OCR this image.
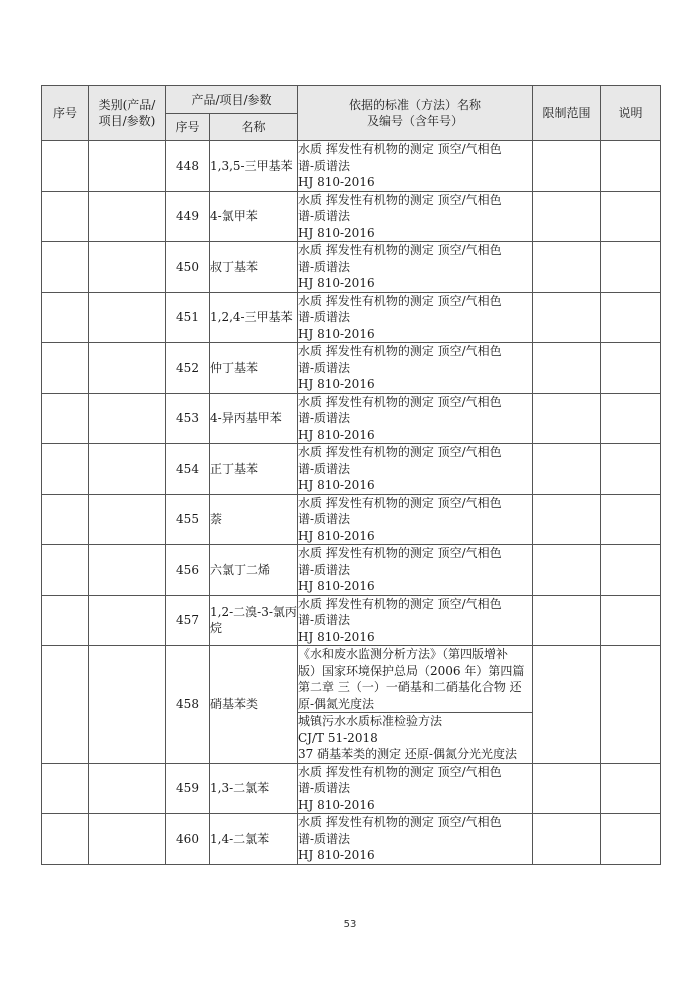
序号	类别(产品/
项目/参数)	产品/项目/参数		依据的标准（方法）名称
及编号（含年号）	限制范围	说明
		序号	名称			
		448	1,3,5-三甲基苯	水质 挥发性有机物的测定 顶空/气相色
谱-质谱法
HJ 810-2016		

		449	4-氯甲苯	水质 挥发性有机物的测定 顶空/气相色
谱-质谱法
HJ 810-2016		

		450	叔丁基苯	水质 挥发性有机物的测定 顶空/气相色
谱-质谱法
HJ 810-2016		

		451	1,2,4-三甲基苯	水质 挥发性有机物的测定 顶空/气相色
谱-质谱法
HJ 810-2016		

		452	仲丁基苯	水质 挥发性有机物的测定 顶空/气相色
谱-质谱法
HJ 810-2016		

		453	4-异丙基甲苯	水质 挥发性有机物的测定 顶空/气相色
谱-质谱法
HJ 810-2016		

		454	正丁基苯	水质 挥发性有机物的测定 顶空/气相色
谱-质谱法
HJ 810-2016		

		455	萘	水质 挥发性有机物的测定 顶空/气相色
谱-质谱法
HJ 810-2016		

		456	六氯丁二烯	水质 挥发性有机物的测定 顶空/气相色
谱-质谱法
HJ 810-2016		

		457	1,2-二溴-3-氯丙烷	水质 挥发性有机物的测定 顶空/气相色
谱-质谱法
HJ 810-2016		

		458	硝基苯类	《水和废水监测分析方法》（第四版增补
版）国家环境保护总局（2006 年）第四篇
第二章 三（一）一硝基和二硝基化合物 还
原-偶氮光度法		

				城镇污水水质标准检验方法
CJ/T 51-2018
37 硝基苯类的测定 还原-偶氮分光光度法		

		459	1,3-二氯苯	水质 挥发性有机物的测定 顶空/气相色
谱-质谱法
HJ 810-2016		

		460	1,4-二氯苯	水质 挥发性有机物的测定 顶空/气相色
谱-质谱法
HJ 810-2016		

53
